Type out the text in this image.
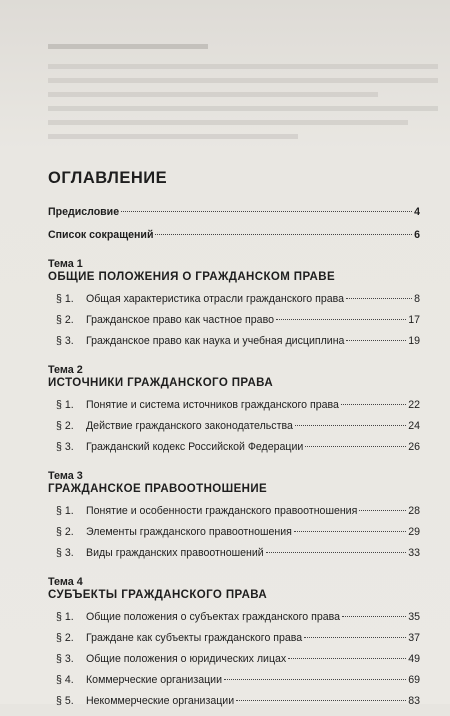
ОГЛАВЛЕНИЕ
Предисловие	4
Список сокращений	6
Тема 1
ОБЩИЕ ПОЛОЖЕНИЯ О ГРАЖДАНСКОМ ПРАВЕ
§ 1.	Общая характеристика отрасли гражданского права	8
§ 2.	Гражданское право как частное право	17
§ 3.	Гражданское право как наука и учебная дисциплина	19
Тема 2
ИСТОЧНИКИ ГРАЖДАНСКОГО ПРАВА
§ 1.	Понятие и система источников гражданского права	22
§ 2.	Действие гражданского законодательства	24
§ 3.	Гражданский кодекс Российской Федерации	26
Тема 3
ГРАЖДАНСКОЕ ПРАВООТНОШЕНИЕ
§ 1.	Понятие и особенности гражданского правоотношения	28
§ 2.	Элементы гражданского правоотношения	29
§ 3.	Виды гражданских правоотношений	33
Тема 4
СУБЪЕКТЫ ГРАЖДАНСКОГО ПРАВА
§ 1.	Общие положения о субъектах гражданского права	35
§ 2.	Граждане как субъекты гражданского права	37
§ 3.	Общие положения о юридических лицах	49
§ 4.	Коммерческие организации	69
§ 5.	Некоммерческие организации	83
